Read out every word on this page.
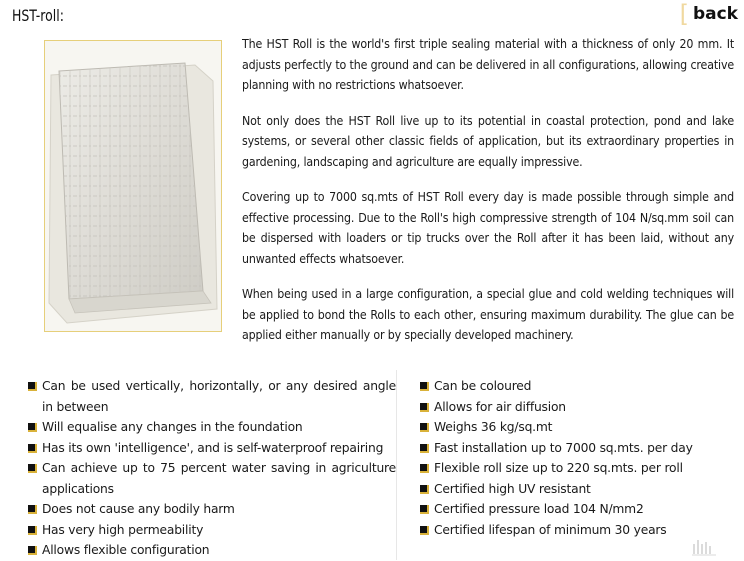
HST-roll:	[ back

The HST Roll is the world's first triple sealing material with a thickness of only 20 mm. It adjusts perfectly to the ground and can be delivered in all configurations, allowing creative planning with no restrictions whatsoever.

Not only does the HST Roll live up to its potential in coastal protection, pond and lake systems, or several other classic fields of application, but its extraordinary properties in gardening, landscaping and agriculture are equally impressive.

Covering up to 7000 sq.mts of HST Roll every day is made possible through simple and effective processing. Due to the Roll's high compressive strength of 104 N/sq.mm soil can be dispersed with loaders or tip trucks over the Roll after it has been laid, without any unwanted effects whatsoever.

When being used in a large configuration, a special glue and cold welding techniques will be applied to bond the Rolls to each other, ensuring maximum durability. The glue can be applied either manually or by specially developed machinery.

Can be used vertically, horizontally, or any desired angle in between
Will equalise any changes in the foundation
Has its own 'intelligence', and is self-waterproof repairing
Can achieve up to 75 percent water saving in agriculture applications
Does not cause any bodily harm
Has very high permeability
Allows flexible configuration
Can be coloured
Allows for air diffusion
Weighs 36 kg/sq.mt
Fast installation up to 7000 sq.mts. per day
Flexible roll size up to 220 sq.mts. per roll
Certified high UV resistant
Certified pressure load 104 N/mm2
Certified lifespan of minimum 30 years
